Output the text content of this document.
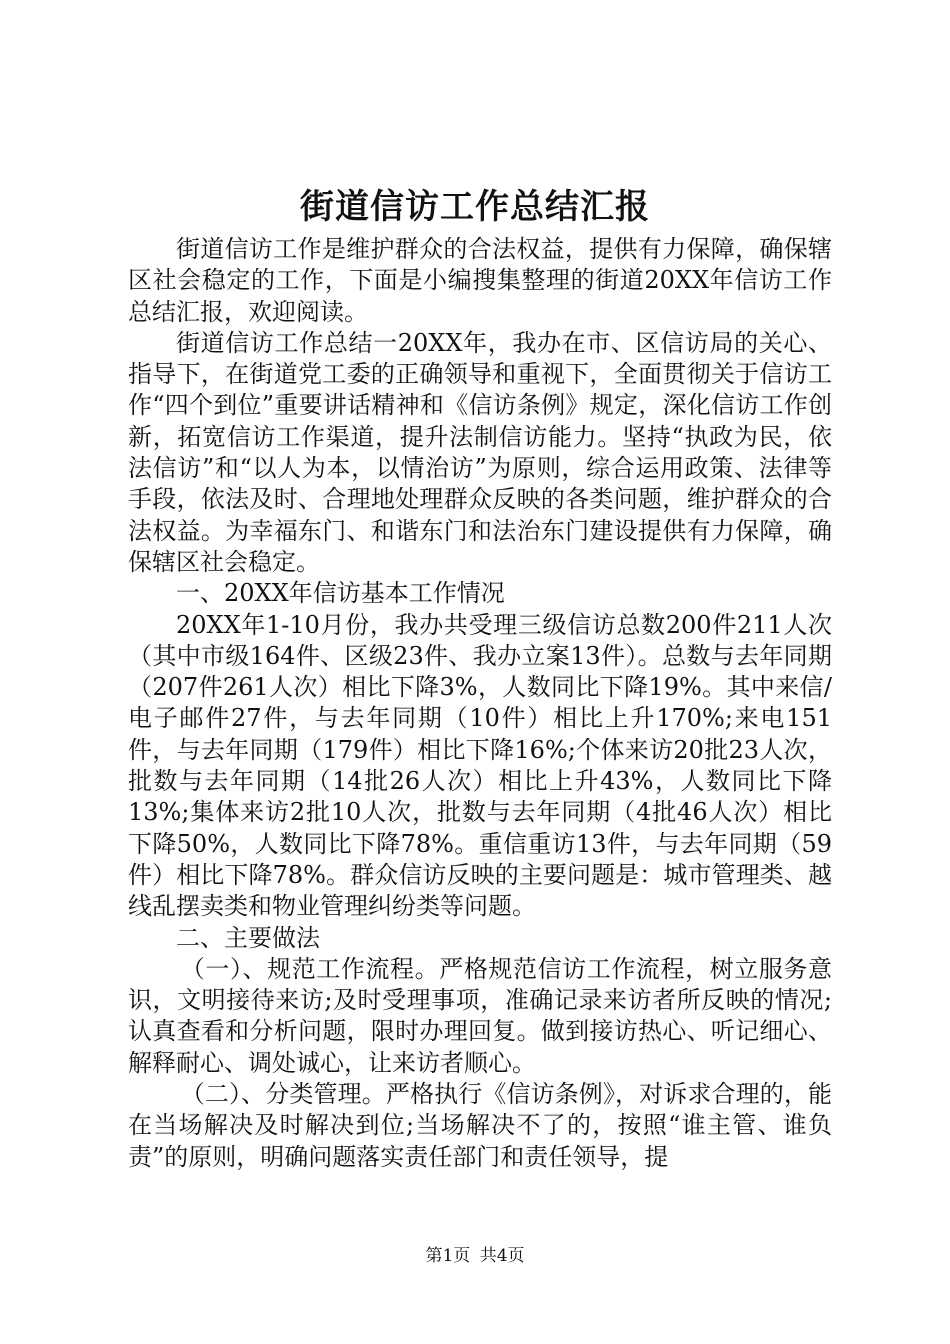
街道信访工作总结汇报

街道信访工作是维护群众的合法权益，提供有力保障，确保辖区社会稳定的工作，下面是小编搜集整理的街道20XX年信访工作总结汇报，欢迎阅读。

街道信访工作总结一20XX年，我办在市、区信访局的关心、指导下，在街道党工委的正确领导和重视下，全面贯彻关于信访工作“四个到位”重要讲话精神和《信访条例》规定，深化信访工作创新，拓宽信访工作渠道，提升法制信访能力。坚持“执政为民，依法信访”和“以人为本，以情治访”为原则，综合运用政策、法律等手段，依法及时、合理地处理群众反映的各类问题，维护群众的合法权益。为幸福东门、和谐东门和法治东门建设提供有力保障，确保辖区社会稳定。

一、20XX年信访基本工作情况

20XX年1-10月份，我办共受理三级信访总数200件211人次（其中市级164件、区级23件、我办立案13件）。总数与去年同期（207件261人次）相比下降3%，人数同比下降19%。其中来信/电子邮件27件，与去年同期（10件）相比上升170%;来电151件，与去年同期（179件）相比下降16%;个体来访20批23人次，批数与去年同期（14批26人次）相比上升43%，人数同比下降13%;集体来访2批10人次，批数与去年同期（4批46人次）相比下降50%，人数同比下降78%。重信重访13件，与去年同期（59件）相比下降78%。群众信访反映的主要问题是：城市管理类、越线乱摆卖类和物业管理纠纷类等问题。

二、主要做法

（一）、规范工作流程。严格规范信访工作流程，树立服务意识，文明接待来访;及时受理事项，准确记录来访者所反映的情况;认真查看和分析问题，限时办理回复。做到接访热心、听记细心、解释耐心、调处诚心，让来访者顺心。

（二）、分类管理。严格执行《信访条例》，对诉求合理的，能在当场解决及时解决到位;当场解决不了的，按照“谁主管、谁负责”的原则，明确问题落实责任部门和责任领导，提

第1页 共4页
